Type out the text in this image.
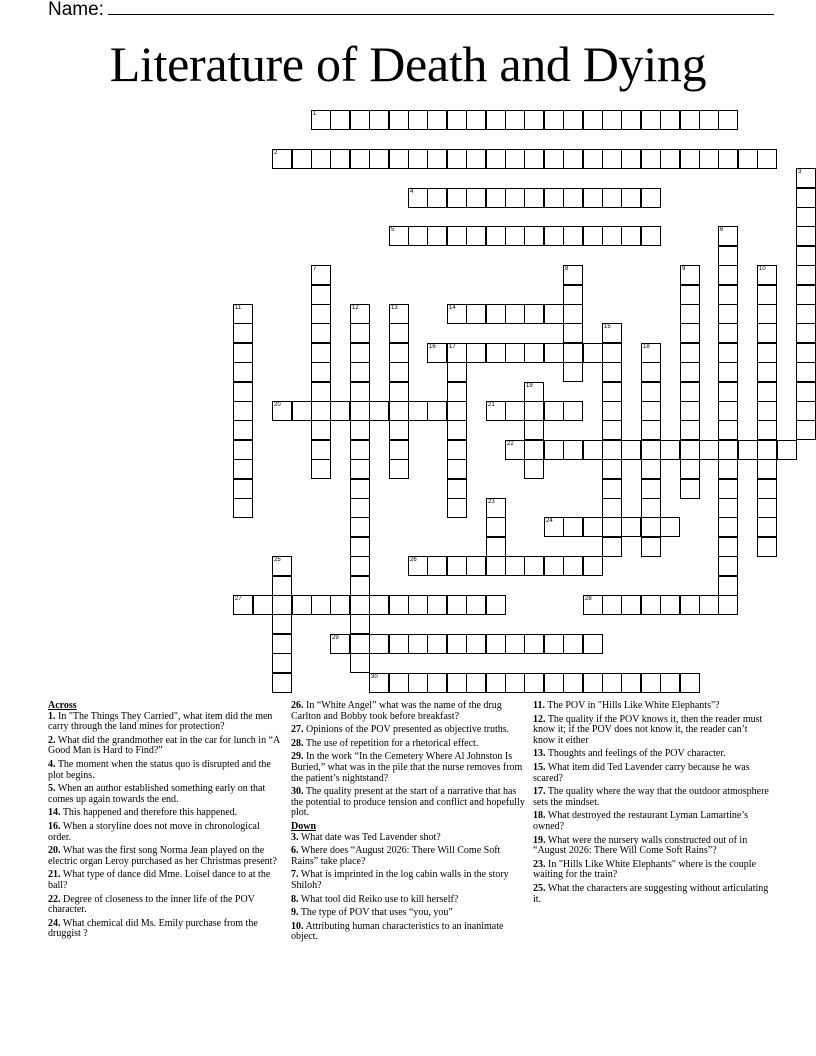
Name:
Literature of Death and Dying
1
2
3
4
5	6
7	8	9	10
11	12	13	14
15
16 17	18
19
20	21
22
23
24
25	26
27	28
29
30
Across

1. In "The Things They Carried", what item did the men carry through the land mines for protection?

2. What did the grandmother eat in the car for lunch in “A Good Man is Hard to Find?”

4. The moment when the status quo is disrupted and the plot begins.

5. When an author established something early on that comes up again towards the end.

14. This happened and therefore this happened.

16. When a storyline does not move in chronological order.

20. What was the first song Norma Jean played on the electric organ Leroy purchased as her Christmas present?

21. What type of dance did Mme. Loisel dance to at the ball?

22. Degree of closeness to the inner life of the POV character.

24. What chemical did Ms. Emily purchase from the druggist ?

26. In “White Angel” what was the name of the drug Carlton and Bobby took before breakfast?

27. Opinions of the POV presented as objective truths.

28. The use of repetition for a rhetorical effect.

29. In the work “In the Cemetery Where Al Johnston Is Buried,” what was in the pile that the nurse removes from the patient’s nightstand?

30. The quality present at the start of a narrative that has the potential to produce tension and conflict and hopefully plot.

Down

3. What date was Ted Lavender shot?

6. Where does “August 2026: There Will Come Soft Rains” take place?

7. What is imprinted in the log cabin walls in the story Shiloh?

8. What tool did Reiko use to kill herself?

9. The type of POV that uses “you, you”

10. Attributing human characteristics to an inanimate object.

11. The POV in "Hills Like White Elephants"?

12. The quality if the POV knows it, then the reader must know it; if the POV does not know it, the reader can’t know it either

13. Thoughts and feelings of the POV character.

15. What item did Ted Lavender carry because he was scared?

17. The quality where the way that the outdoor atmosphere sets the mindset.

18. What destroyed the restaurant Lyman Lamartine’s owned?

19. What were the nursery walls constructed out of in “August 2026: There Will Come Soft Rains”?

23. In "Hills Like White Elephants" where is the couple waiting for the train?

25. What the characters are suggesting without articulating it.
